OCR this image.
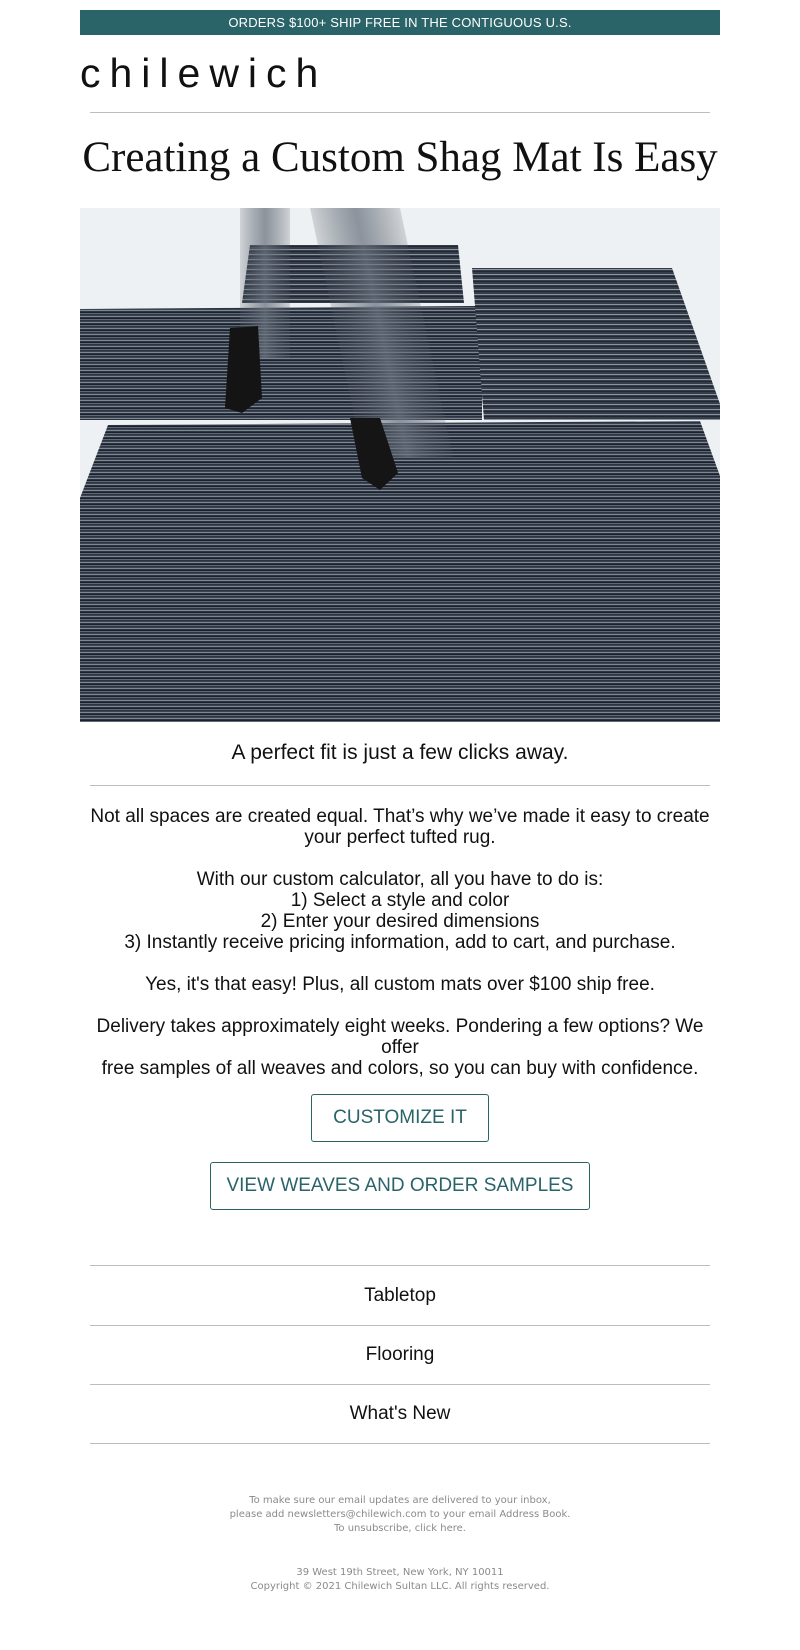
ORDERS $100+ SHIP FREE IN THE CONTIGUOUS U.S.
chilewich
Creating a Custom Shag Mat Is Easy
A perfect fit is just a few clicks away.
Not all spaces are created equal. That’s why we’ve made it easy to create
your perfect tufted rug.
With our custom calculator, all you have to do is:
1) Select a style and color
2) Enter your desired dimensions
3) Instantly receive pricing information, add to cart, and purchase.
Yes, it's that easy! Plus, all custom mats over $100 ship free.
Delivery takes approximately eight weeks. Pondering a few options? We offer
free samples of all weaves and colors, so you can buy with confidence.
CUSTOMIZE IT
VIEW WEAVES AND ORDER SAMPLES
Tabletop
Flooring
What's New
To make sure our email updates are delivered to your inbox,
please add newsletters@chilewich.com to your email Address Book.
To unsubscribe, click here.
39 West 19th Street, New York, NY 10011
Copyright © 2021 Chilewich Sultan LLC. All rights reserved.
